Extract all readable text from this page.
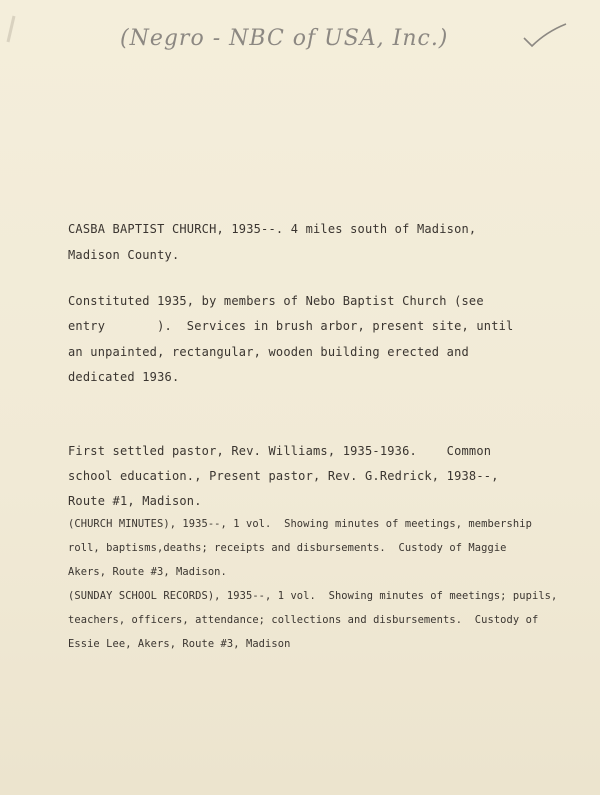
(Negro - NBC of USA, Inc.)
CASBA BAPTIST CHURCH, 1935--. 4 miles south of Madison,
Madison County.
Constituted 1935, by members of Nebo Baptist Church (see
entry       ).  Services in brush arbor, present site, until
an unpainted, rectangular, wooden building erected and
dedicated 1936.
First settled pastor, Rev. Williams, 1935-1936.    Common
school education., Present pastor, Rev. G.Redrick, 1938--,
Route #1, Madison.
(CHURCH MINUTES), 1935--, 1 vol.  Showing minutes of meetings, membership
roll, baptisms,deaths; receipts and disbursements.  Custody of Maggie
Akers, Route #3, Madison.
(SUNDAY SCHOOL RECORDS), 1935--, 1 vol.  Showing minutes of meetings; pupils,
teachers, officers, attendance; collections and disbursements.  Custody of
Essie Lee, Akers, Route #3, Madison
